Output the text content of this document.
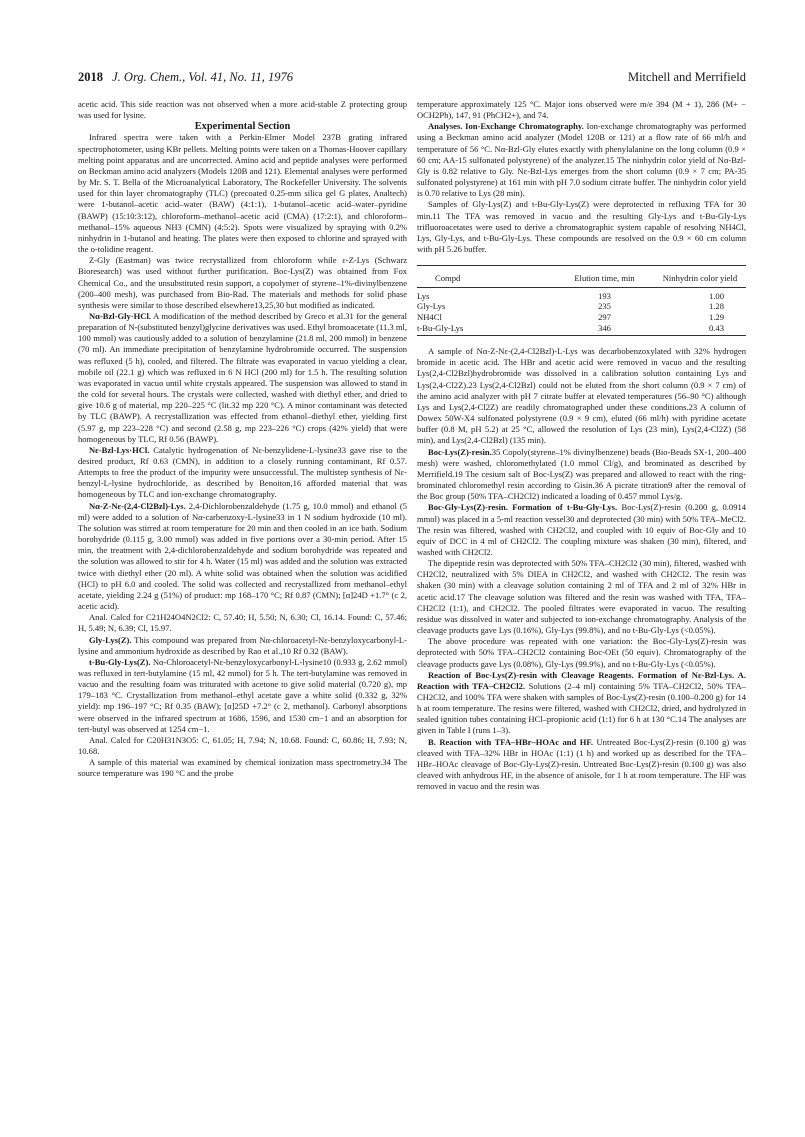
2018 J. Org. Chem., Vol. 41, No. 11, 1976	Mitchell and Merrifield

acetic acid. This side reaction was not observed when a more acid-stable Z protecting group was used for lysine.

Experimental Section

Infrared spectra were taken with a Perkin-Elmer Model 237B grating infrared spectrophotometer, using KBr pellets. Melting points were taken on a Thomas-Hoover capillary melting point apparatus and are uncorrected. Amino acid and peptide analyses were performed on Beckman amino acid analyzers (Models 120B and 121). Elemental analyses were performed by Mr. S. T. Bella of the Microanalytical Laboratory, The Rockefeller University. The solvents used for thin layer chromatography (TLC) (precoated 0.25-mm silica gel G plates, Analtech) were 1-butanol–acetic acid–water (BAW) (4:1:1), 1-butanol–acetic acid–water–pyridine (BAWP) (15:10:3:12), chloroform–methanol–acetic acid (CMA) (17:2:1), and chloroform–methanol–15% aqueous NH3 (CMN) (4:5:2). Spots were visualized by spraying with 0.2% ninhydrin in 1-butanol and heating. The plates were then exposed to chlorine and sprayed with the o-tolidine reagent.

Z-Gly (Eastman) was twice recrystallized from chloroform while ε-Z-Lys (Schwarz Bioresearch) was used without further purification. Boc-Lys(Z) was obtained from Fox Chemical Co., and the unsubstituted resin support, a copolymer of styrene–1%-divinylbenzene (200–400 mesh), was purchased from Bio-Rad. The materials and methods for solid phase synthesis were similar to those described elsewhere13,25,30 but modified as indicated.

Nα-Bzl-Gly·HCl. A modification of the method described by Greco et al.31 for the general preparation of N-(substituted benzyl)glycine derivatives was used. Ethyl bromoacetate (11.3 ml, 100 mmol) was cautiously added to a solution of benzylamine (21.8 ml, 200 mmol) in benzene (70 ml). An immediate precipitation of benzylamine hydrobromide occurred. The suspension was refluxed (5 h), cooled, and filtered. The filtrate was evaporated in vacuo yielding a clear, mobile oil (22.1 g) which was refluxed in 6 N HCl (200 ml) for 1.5 h. The resulting solution was evaporated in vacuo until white crystals appeared. The suspension was allowed to stand in the cold for several hours. The crystals were collected, washed with diethyl ether, and dried to give 10.6 g of material, mp 220–225 °C (lit.32 mp 220 °C). A minor contaminant was detected by TLC (BAWP). A recrystallization was effected from ethanol–diethyl ether, yielding first (5.97 g, mp 223–228 °C) and second (2.58 g, mp 223–226 °C) crops (42% yield) that were homogeneous by TLC, Rf 0.56 (BAWP).

Nε-Bzl-Lys·HCl. Catalytic hydrogenation of Nε-benzylidene-L-lysine33 gave rise to the desired product, Rf 0.63 (CMN), in addition to a closely running contaminant, Rf 0.57. Attempts to free the product of the impurity were unsuccessful. The multistep synthesis of Nε-benzyl-L-lysine hydrochloride, as described by Benoiton,16 afforded material that was homogeneous by TLC and ion-exchange chromatography.

Nα-Z-Nε-(2,4-Cl2Bzl)-Lys. 2,4-Dichlorobenzaldehyde (1.75 g, 10.0 mmol) and ethanol (5 ml) were added to a solution of Nα-carbenzoxy-L-lysine33 in 1 N sodium hydroxide (10 ml). The solution was stirred at room temperature for 20 min and then cooled in an ice bath. Sodium borohydride (0.115 g, 3.00 mmol) was added in five portions over a 30-min period. After 15 min, the treatment with 2,4-dichlorobenzaldehyde and sodium borohydride was repeated and the solution was allowed to stir for 4 h. Water (15 ml) was added and the solution was extracted twice with diethyl ether (20 ml). A white solid was obtained when the solution was acidified (HCl) to pH 6.0 and cooled. The solid was collected and recrystallized from methanol–ethyl acetate, yielding 2.24 g (51%) of product: mp 168–170 °C; Rf 0.87 (CMN); [α]24D +1.7° (c 2, acetic acid).

Anal. Calcd for C21H24O4N2Cl2: C, 57.40; H, 5.50; N, 6.30; Cl, 16.14. Found: C, 57.46; H, 5.49; N, 6.39; Cl, 15.97.

Gly-Lys(Z). This compound was prepared from Nα-chloroacetyl-Nε-benzyloxycarbonyl-L-lysine and ammonium hydroxide as described by Rao et al.,10 Rf 0.32 (BAW).

t-Bu-Gly-Lys(Z). Nα-Chloroacetyl-Nε-benzyloxycarbonyl-L-lysine10 (0.933 g, 2.62 mmol) was refluxed in tert-butylamine (15 ml, 42 mmol) for 5 h. The tert-butylamine was removed in vacuo and the resulting foam was triturated with acetone to give solid material (0.720 g), mp 179–183 °C. Crystallization from methanol–ethyl acetate gave a white solid (0.332 g, 32% yield): mp 196–197 °C; Rf 0.35 (BAW); [α]25D +7.2° (c 2, methanol). Carbonyl absorptions were observed in the infrared spectrum at 1686, 1596, and 1530 cm−1 and an absorption for tert-butyl was observed at 1254 cm−1.

Anal. Calcd for C20H31N3O5: C, 61.05; H, 7.94; N, 10.68. Found: C, 60.86; H, 7.93; N, 10.68.

A sample of this material was examined by chemical ionization mass spectrometry.34 The source temperature was 190 °C and the probe

temperature approximately 125 °C. Major ions observed were m/e 394 (M + 1), 286 (M+ − OCH2Ph), 147, 91 (PhCH2+), and 74.

Analyses. Ion-Exchange Chromatography. Ion-exchange chromatography was performed using a Beckman amino acid analyzer (Model 120B or 121) at a flow rate of 66 ml/h and temperature of 56 °C. Nα-Bzl-Gly elutes exactly with phenylalanine on the long column (0.9 × 60 cm; AA-15 sulfonated polystyrene) of the analyzer.15 The ninhydrin color yield of Nα-Bzl-Gly is 0.82 relative to Gly. Nε-Bzl-Lys emerges from the short column (0.9 × 7 cm; PA-35 sulfonated polystyrene) at 161 min with pH 7.0 sodium citrate buffer. The ninhydrin color yield is 0.70 relative to Lys (28 min).

Samples of Gly-Lys(Z) and t-Bu-Gly-Lys(Z) were deprotected in refluxing TFA for 30 min.11 The TFA was removed in vacuo and the resulting Gly-Lys and t-Bu-Gly-Lys trifluoroacetates were used to derive a chromatographic system capable of resolving NH4Cl, Lys, Gly-Lys, and t-Bu-Gly-Lys. These compounds are resolved on the 0.9 × 60 cm column with pH 5.26 buffer.

Compd	Elution time, min	Ninhydrin color yield
Lys	193	1.00
Gly-Lys	235	1.28
NH4Cl	297	1.29
t-Bu-Gly-Lys	346	0.43

A sample of Nα-Z-Nε-(2,4-Cl2Bzl)-L-Lys was decarbobenzoxylated with 32% hydrogen bromide in acetic acid. The HBr and acetic acid were removed in vacuo and the resulting Lys(2,4-Cl2Bzl)hydrobromide was dissolved in a calibration solution containing Lys and Lys(2,4-Cl2Z).23 Lys(2,4-Cl2Bzl) could not be eluted from the short column (0.9 × 7 cm) of the amino acid analyzer with pH 7 citrate buffer at elevated temperatures (56–90 °C) although Lys and Lys(2,4-Cl2Z) are readily chromatographed under these conditions.23 A column of Dowex 50W-X4 sulfonated polystyrene (0.9 × 9 cm), eluted (66 ml/h) with pyridine acetate buffer (0.8 M, pH 5.2) at 25 °C, allowed the resolution of Lys (23 min), Lys(2,4-Cl2Z) (58 min), and Lys(2,4-Cl2Bzl) (135 min).

Boc-Lys(Z)-resin.35 Copoly(styrene–1% divinylbenzene) beads (Bio-Beads SX-1, 200–400 mesh) were washed, chloromethylated (1.0 mmol Cl/g), and brominated as described by Merrifield.19 The cesium salt of Boc-Lys(Z) was prepared and allowed to react with the ring-brominated chloromethyl resin according to Gisin.36 A picrate titration9 after the removal of the Boc group (50% TFA–CH2Cl2) indicated a loading of 0.457 mmol Lys/g.

Boc-Gly-Lys(Z)-resin. Formation of t-Bu-Gly-Lys. Boc-Lys(Z)-resin (0.200 g, 0.0914 mmol) was placed in a 5-ml reaction vessel30 and deprotected (30 min) with 50% TFA–MeCl2. The resin was filtered, washed with CH2Cl2, and coupled with 10 equiv of Boc-Gly and 10 equiv of DCC in 4 ml of CH2Cl2. The coupling mixture was shaken (30 min), filtered, and washed with CH2Cl2.

The dipeptide resin was deprotected with 50% TFA–CH2Cl2 (30 min), filtered, washed with CH2Cl2, neutralized with 5% DIEA in CH2Cl2, and washed with CH2Cl2. The resin was shaken (30 min) with a cleavage solution containing 2 ml of TFA and 2 ml of 32% HBr in acetic acid.17 The cleavage solution was filtered and the resin was washed with TFA, TFA–CH2Cl2 (1:1), and CH2Cl2. The pooled filtrates were evaporated in vacuo. The resulting residue was dissolved in water and subjected to ion-exchange chromatography. Analysis of the cleavage products gave Lys (0.16%), Gly-Lys (99.8%), and no t-Bu-Gly-Lys (<0.05%).

The above procedure was repeated with one variation: the Boc-Gly-Lys(Z)-resin was deprotected with 50% TFA–CH2Cl2 containing Boc-OEt (50 equiv). Chromatography of the cleavage products gave Lys (0.08%), Gly-Lys (99.9%), and no t-Bu-Gly-Lys (<0.05%).

Reaction of Boc-Lys(Z)-resin with Cleavage Reagents. Formation of Nε-Bzl-Lys. A. Reaction with TFA–CH2Cl2. Solutions (2–4 ml) containing 5% TFA–CH2Cl2, 50% TFA–CH2Cl2, and 100% TFA were shaken with samples of Boc-Lys(Z)-resin (0.100–0.200 g) for 14 h at room temperature. The resins were filtered, washed with CH2Cl2, dried, and hydrolyzed in sealed ignition tubes containing HCl–propionic acid (1:1) for 6 h at 130 °C.14 The analyses are given in Table I (runs 1–3).

B. Reaction with TFA–HBr–HOAc and HF. Untreated Boc-Lys(Z)-resin (0.100 g) was cleaved with TFA–32% HBr in HOAc (1:1) (1 h) and worked up as described for the TFA–HBr–HOAc cleavage of Boc-Gly-Lys(Z)-resin. Untreated Boc-Lys(Z)-resin (0.100 g) was also cleaved with anhydrous HF, in the absence of anisole, for 1 h at room temperature. The HF was removed in vacuo and the resin was
